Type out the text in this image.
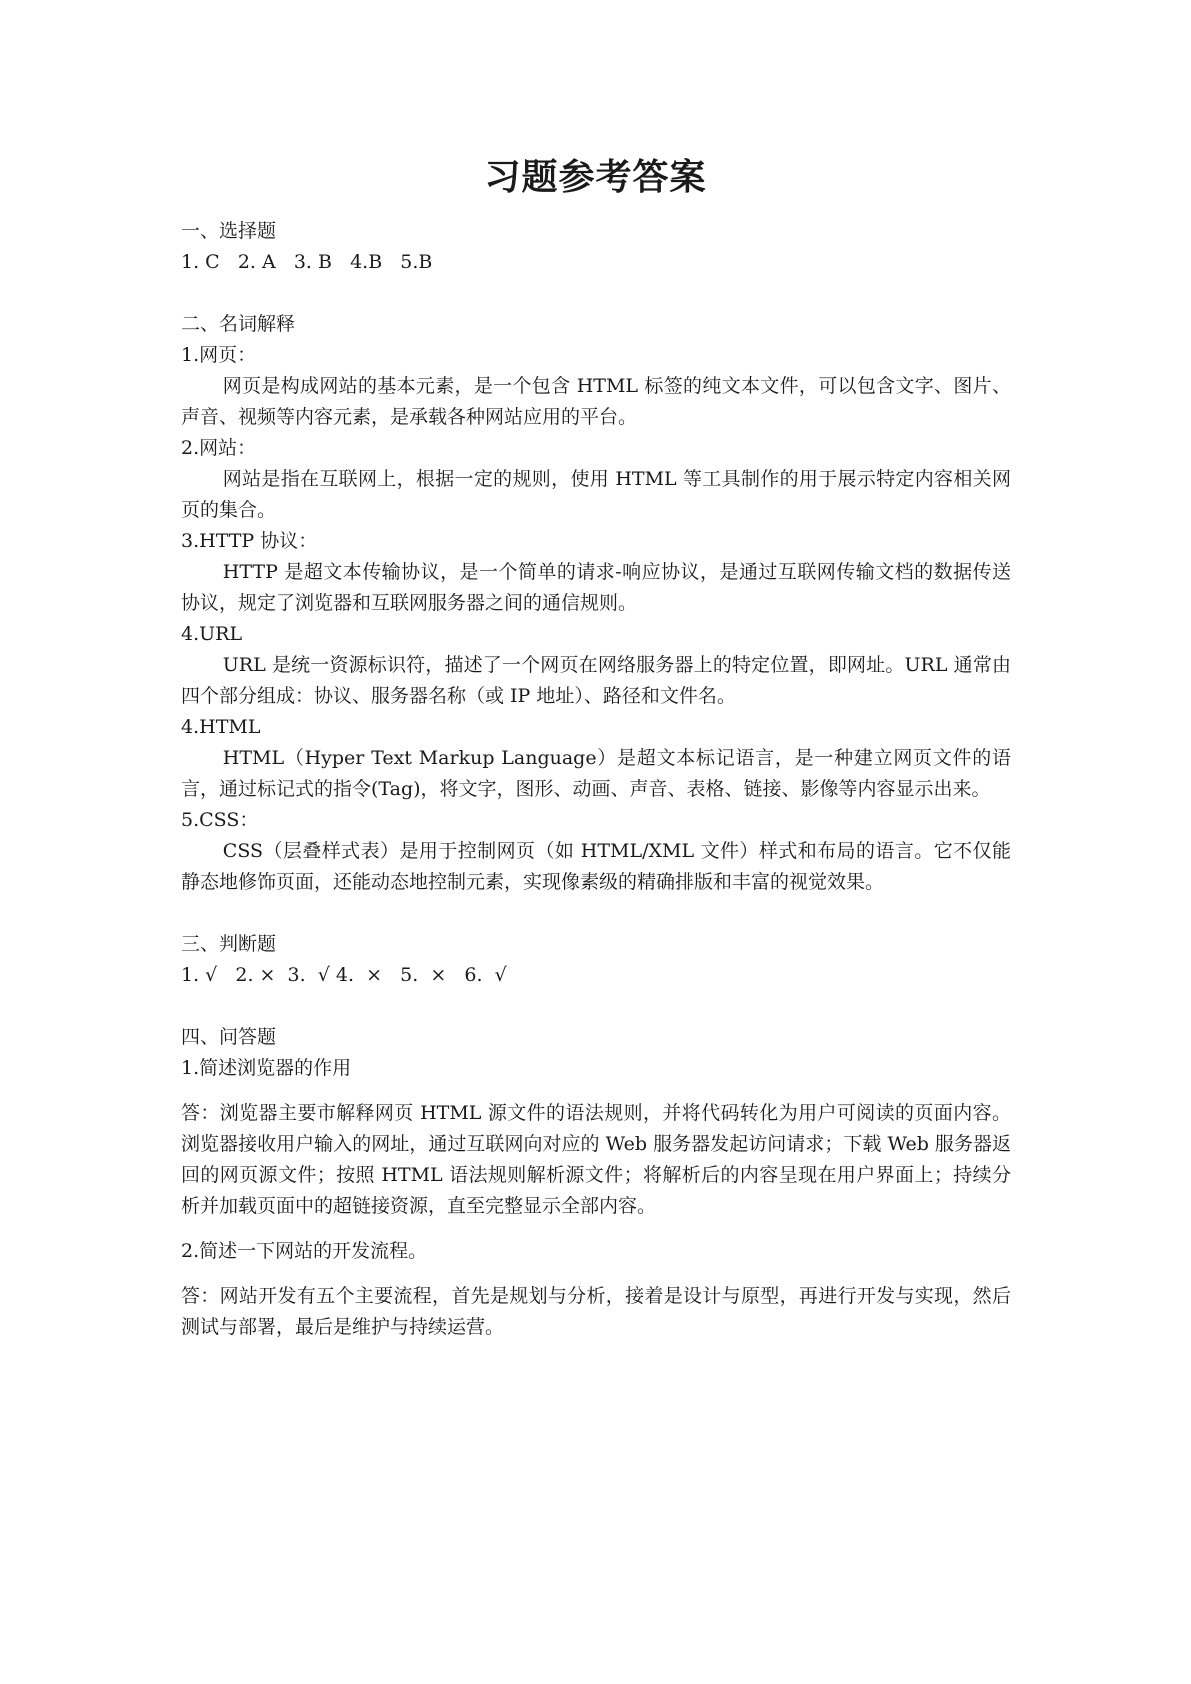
习题参考答案

一、选择题

1. C   2. A   3. B   4.B   5.B

二、名词解释

1.网页：

网页是构成网站的基本元素，是一个包含 HTML 标签的纯文本文件，可以包含文字、图片、声音、视频等内容元素，是承载各种网站应用的平台。

2.网站：

网站是指在互联网上，根据一定的规则，使用 HTML 等工具制作的用于展示特定内容相关网页的集合。

3.HTTP 协议：

HTTP 是超文本传输协议，是一个简单的请求-响应协议，是通过互联网传输文档的数据传送协议，规定了浏览器和互联网服务器之间的通信规则。

4.URL

URL 是统一资源标识符，描述了一个网页在网络服务器上的特定位置，即网址。URL 通常由四个部分组成：协议、服务器名称（或 IP 地址）、路径和文件名。

4.HTML

HTML（Hyper Text Markup Language）是超文本标记语言，是一种建立网页文件的语言，通过标记式的指令(Tag)，将文字，图形、动画、声音、表格、链接、影像等内容显示出来。

5.CSS：

CSS（层叠样式表）是用于控制网页（如 HTML/XML 文件）样式和布局的语言。它不仅能静态地修饰页面，还能动态地控制元素，实现像素级的精确排版和丰富的视觉效果。

三、判断题

1. √   2. ×  3.  √ 4.  ×   5.  ×   6.  √

四、问答题

1.简述浏览器的作用

答：浏览器主要市解释网页 HTML 源文件的语法规则，并将代码转化为用户可阅读的页面内容。浏览器接收用户输入的网址，通过互联网向对应的 Web 服务器发起访问请求；下载 Web 服务器返回的网页源文件；按照 HTML 语法规则解析源文件；将解析后的内容呈现在用户界面上；持续分析并加载页面中的超链接资源，直至完整显示全部内容。

2.简述一下网站的开发流程。

答：网站开发有五个主要流程，首先是规划与分析，接着是设计与原型，再进行开发与实现，然后测试与部署，最后是维护与持续运营。
